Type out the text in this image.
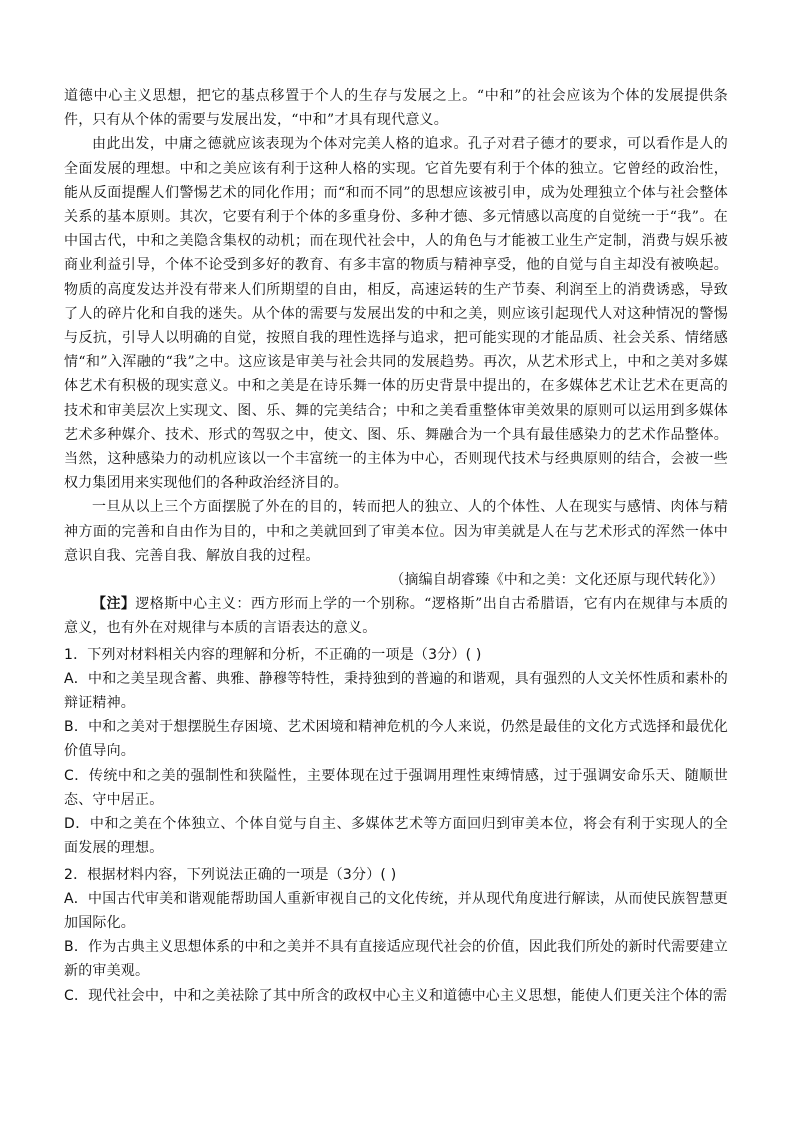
道德中心主义思想，把它的基点移置于个人的生存与发展之上。“中和”的社会应该为个体的发展提供条件，只有从个体的需要与发展出发，“中和”才具有现代意义。

由此出发，中庸之德就应该表现为个体对完美人格的追求。孔子对君子德才的要求，可以看作是人的全面发展的理想。中和之美应该有利于这种人格的实现。它首先要有利于个体的独立。它曾经的政治性，能从反面提醒人们警惕艺术的同化作用；而“和而不同”的思想应该被引申，成为处理独立个体与社会整体关系的基本原则。其次，它要有利于个体的多重身份、多种才德、多元情感以高度的自觉统一于“我”。在中国古代，中和之美隐含集权的动机；而在现代社会中，人的角色与才能被工业生产定制，消费与娱乐被商业利益引导，个体不论受到多好的教育、有多丰富的物质与精神享受，他的自觉与自主却没有被唤起。物质的高度发达并没有带来人们所期望的自由，相反，高速运转的生产节奏、利润至上的消费诱惑，导致了人的碎片化和自我的迷失。从个体的需要与发展出发的中和之美，则应该引起现代人对这种情况的警惕与反抗，引导人以明确的自觉，按照自我的理性选择与追求，把可能实现的才能品质、社会关系、情绪感情“和”入浑融的“我”之中。这应该是审美与社会共同的发展趋势。再次，从艺术形式上，中和之美对多媒体艺术有积极的现实意义。中和之美是在诗乐舞一体的历史背景中提出的，在多媒体艺术让艺术在更高的技术和审美层次上实现文、图、乐、舞的完美结合；中和之美看重整体审美效果的原则可以运用到多媒体艺术多种媒介、技术、形式的驾驭之中，使文、图、乐、舞融合为一个具有最佳感染力的艺术作品整体。当然，这种感染力的动机应该以一个丰富统一的主体为中心，否则现代技术与经典原则的结合，会被一些权力集团用来实现他们的各种政治经济目的。

一旦从以上三个方面摆脱了外在的目的，转而把人的独立、人的个体性、人在现实与感情、肉体与精神方面的完善和自由作为目的，中和之美就回到了审美本位。因为审美就是人在与艺术形式的浑然一体中意识自我、完善自我、解放自我的过程。

（摘编自胡睿臻《中和之美：文化还原与现代转化》）

【注】逻格斯中心主义：西方形而上学的一个别称。“逻格斯”出自古希腊语，它有内在规律与本质的意义，也有外在对规律与本质的言语表达的意义。

1．下列对材料相关内容的理解和分析，不正确的一项是（3分）( )

A．中和之美呈现含蓄、典雅、静穆等特性，秉持独到的普遍的和谐观，具有强烈的人文关怀性质和素朴的辩证精神。

B．中和之美对于想摆脱生存困境、艺术困境和精神危机的今人来说，仍然是最佳的文化方式选择和最优化价值导向。

C．传统中和之美的强制性和狭隘性，主要体现在过于强调用理性束缚情感，过于强调安命乐天、随顺世态、守中居正。

D．中和之美在个体独立、个体自觉与自主、多媒体艺术等方面回归到审美本位，将会有利于实现人的全面发展的理想。

2．根据材料内容，下列说法正确的一项是（3分）( )

A．中国古代审美和谐观能帮助国人重新审视自己的文化传统，并从现代角度进行解读，从而使民族智慧更加国际化。

B．作为古典主义思想体系的中和之美并不具有直接适应现代社会的价值，因此我们所处的新时代需要建立新的审美观。

C．现代社会中，中和之美祛除了其中所含的政权中心主义和道德中心主义思想，能使人们更关注个体的需
